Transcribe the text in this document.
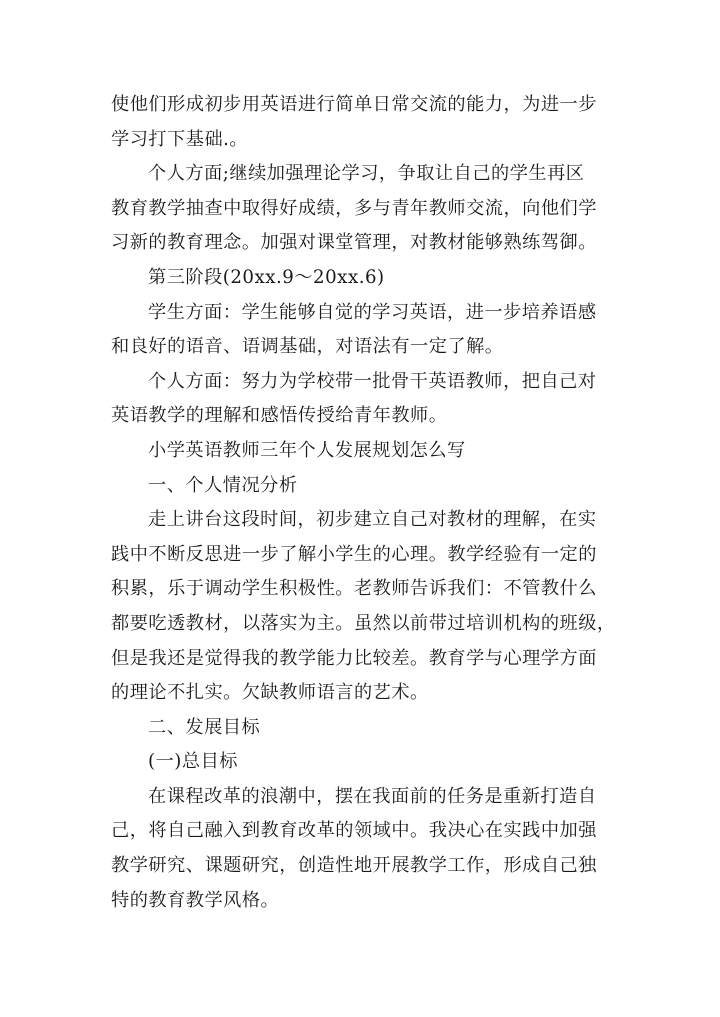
使他们形成初步用英语进行简单日常交流的能力，为进一步
学习打下基础.。
个人方面;继续加强理论学习，争取让自己的学生再区
教育教学抽查中取得好成绩，多与青年教师交流，向他们学
习新的教育理念。加强对课堂管理，对教材能够熟练驾御。
第三阶段(20xx.9～20xx.6)
学生方面：学生能够自觉的学习英语，进一步培养语感
和良好的语音、语调基础，对语法有一定了解。
个人方面：努力为学校带一批骨干英语教师，把自己对
英语教学的理解和感悟传授给青年教师。
小学英语教师三年个人发展规划怎么写
一、个人情况分析
走上讲台这段时间，初步建立自己对教材的理解，在实
践中不断反思进一步了解小学生的心理。教学经验有一定的
积累，乐于调动学生积极性。老教师告诉我们：不管教什么
都要吃透教材，以落实为主。虽然以前带过培训机构的班级，
但是我还是觉得我的教学能力比较差。教育学与心理学方面
的理论不扎实。欠缺教师语言的艺术。
二、发展目标
(一)总目标
在课程改革的浪潮中，摆在我面前的任务是重新打造自
己，将自己融入到教育改革的领域中。我决心在实践中加强
教学研究、课题研究，创造性地开展教学工作，形成自己独
特的教育教学风格。
